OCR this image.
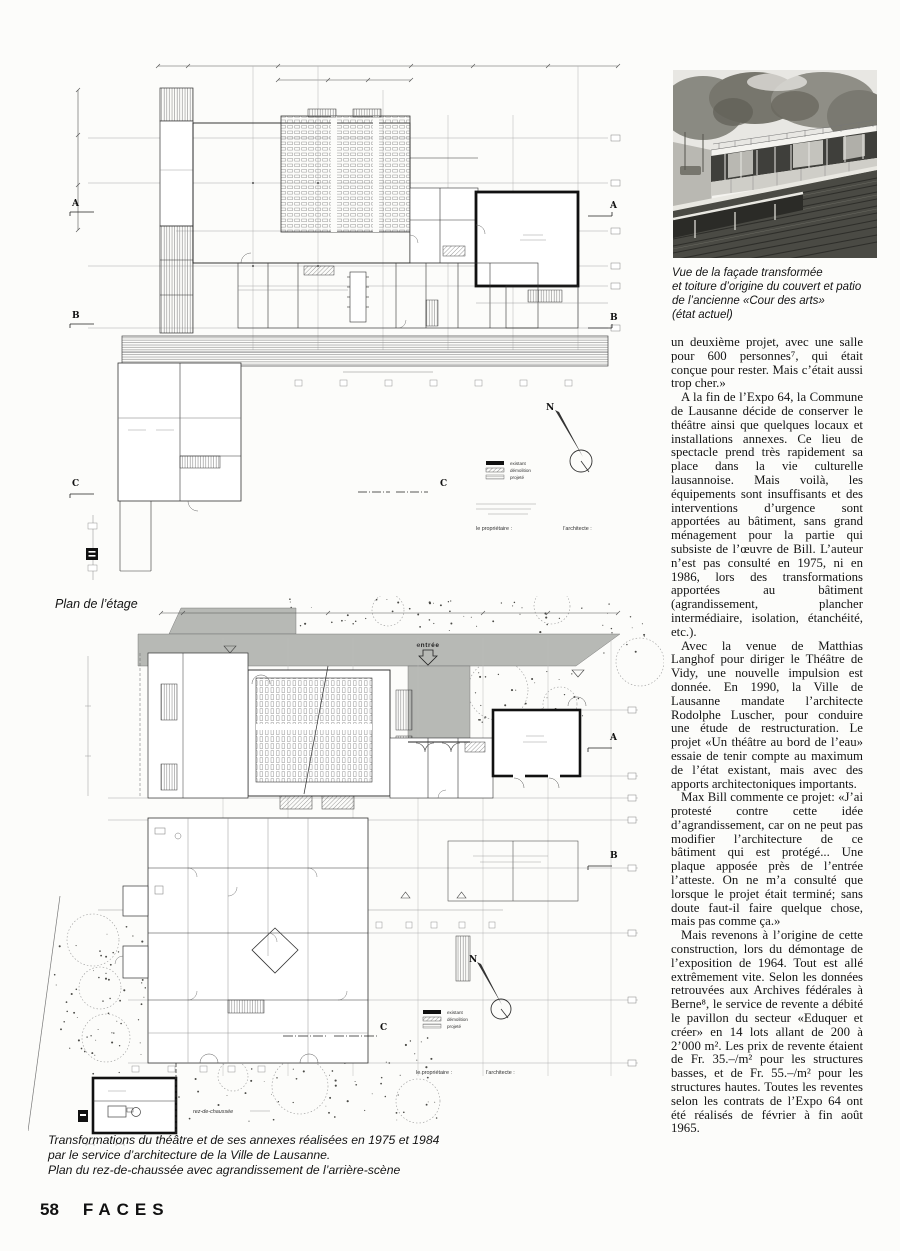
A
B
C
A
B
C
existant
démolition
projeté
le propriétaire :	l’architecte :
N
entrée
rez-de-chaussée
A
B
C
existant
démolition
projeté
le propriétaire :	l’architecte :
N
Vue de la façade transformée
et toiture d’origine du couvert et patio
de l’ancienne «Cour des arts»
(état actuel)
Plan de l’étage
Transformations du théâtre et de ses annexes réalisées en 1975 et 1984
par le service d’architecture de la Ville de Lausanne.
Plan du rez-de-chaussée avec agrandissement de l’arrière-scène

un deuxième projet, avec une salle pour 600 personnes⁷, qui était conçue pour rester. Mais c’était aussi trop cher.»

A la fin de l’Expo 64, la Commune de Lausanne décide de conserver le théâtre ainsi que quelques locaux et installations annexes. Ce lieu de spectacle prend très rapidement sa place dans la vie culturelle lausannoise. Mais voilà, les équipements sont insuffisants et des interventions d’urgence sont apportées au bâtiment, sans grand ménagement pour la partie qui subsiste de l’œuvre de Bill. L’auteur n’est pas consulté en 1975, ni en 1986, lors des transformations apportées au bâtiment (agrandissement, plancher intermédiaire, isolation, étanchéité, etc.).

Avec la venue de Matthias Langhof pour diriger le Théâtre de Vidy, une nouvelle impulsion est donnée. En 1990, la Ville de Lausanne mandate l’architecte Rodolphe Luscher, pour conduire une étude de restructuration. Le projet «Un théâtre au bord de l’eau» essaie de tenir compte au maximum de l’état existant, mais avec des apports architectoniques importants.

Max Bill commente ce projet: «J’ai protesté contre cette idée d’agrandissement, car on ne peut pas modifier l’architecture de ce bâtiment qui est protégé... Une plaque apposée près de l’entrée l’atteste. On ne m’a consulté que lorsque le projet était terminé; sans doute faut-il faire quelque chose, mais pas comme ça.»

Mais revenons à l’origine de cette construction, lors du démontage de l’exposition de 1964. Tout est allé extrêmement vite. Selon les données retrouvées aux Archives fédérales à Berne⁸, le service de revente a débité le pavillon du secteur «Eduquer et créer» en 14 lots allant de 200 à 2’000 m². Les prix de revente étaient de Fr. 35.–/m² pour les structures basses, et de Fr. 55.–/m² pour les structures hautes. Toutes les reventes selon les contrats de l’Expo 64 ont été réalisés de février à fin août 1965.

58 FACES
